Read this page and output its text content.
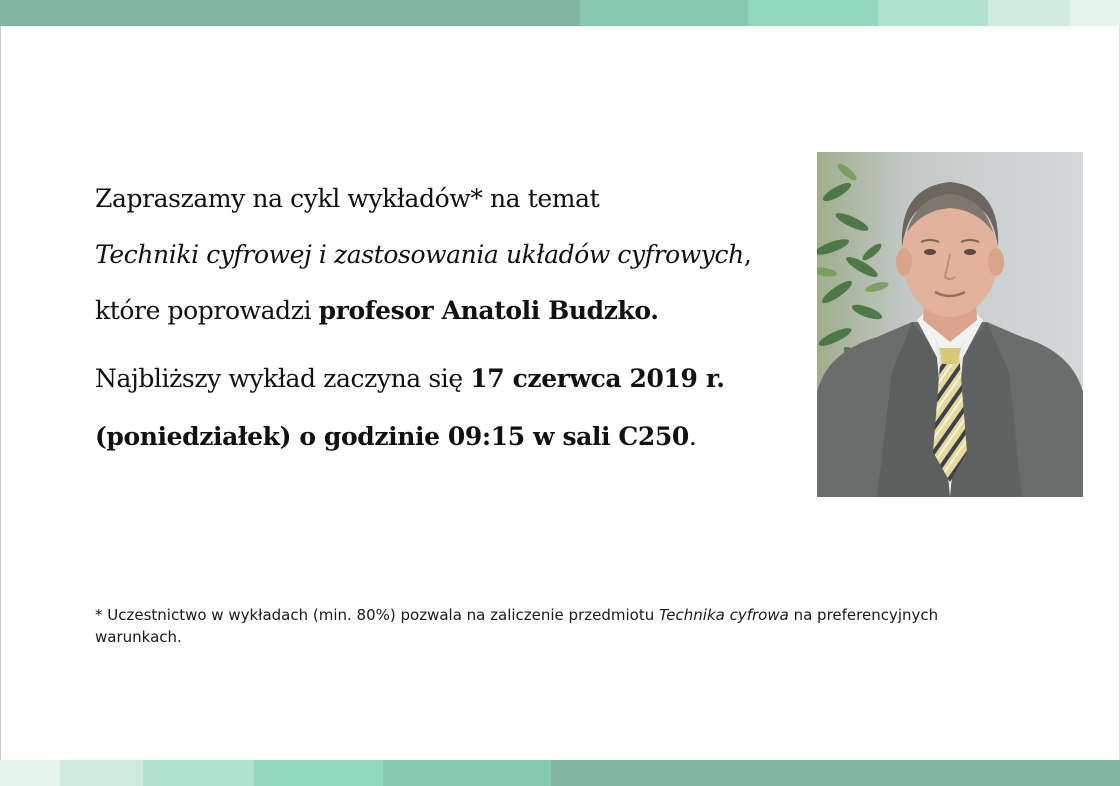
Zapraszamy na cykl wykładów* na temat
Techniki cyfrowej i zastosowania układów cyfrowych,
które poprowadzi profesor Anatoli Budzko.
Najbliższy wykład zaczyna się 17 czerwca 2019 r.
(poniedziałek) o godzinie 09:15 w sali C250.
* Uczestnictwo w wykładach (min. 80%) pozwala na zaliczenie przedmiotu Technika cyfrowa na preferencyjnych
warunkach.
